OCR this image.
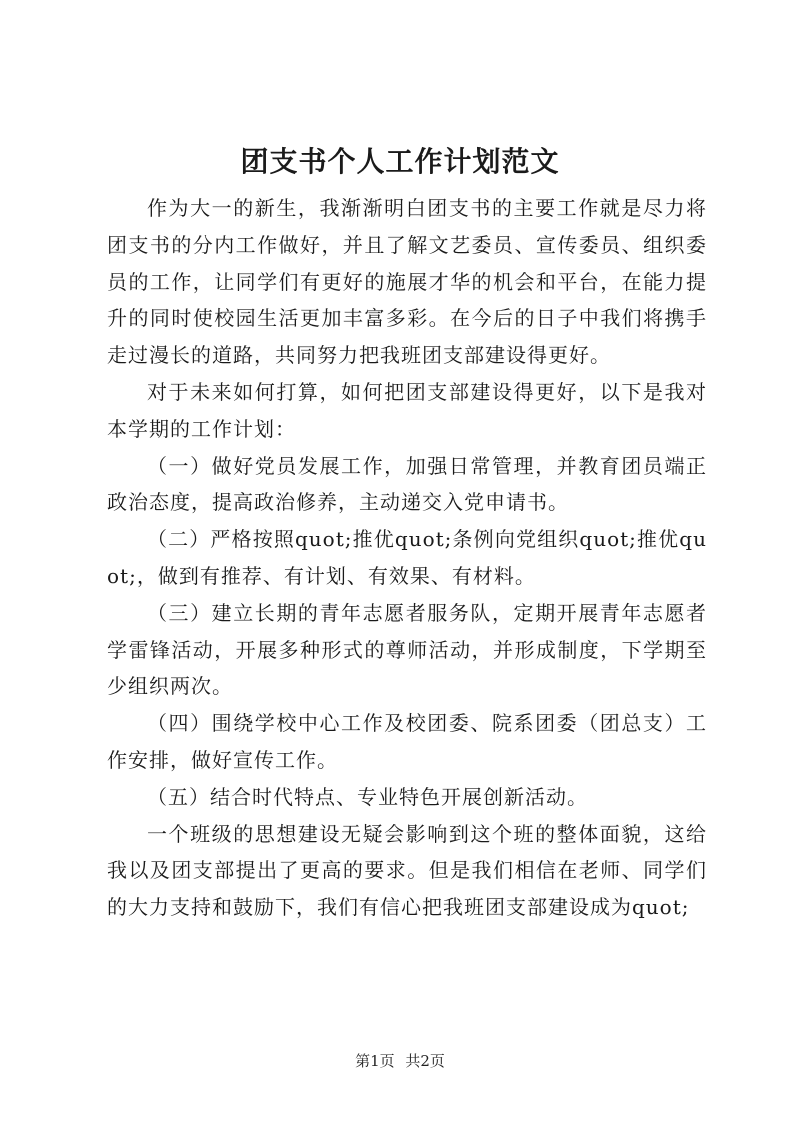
团支书个人工作计划范文

作为大一的新生，我渐渐明白团支书的主要工作就是尽力将团支书的分内工作做好，并且了解文艺委员、宣传委员、组织委员的工作，让同学们有更好的施展才华的机会和平台，在能力提升的同时使校园生活更加丰富多彩。在今后的日子中我们将携手走过漫长的道路，共同努力把我班团支部建设得更好。

对于未来如何打算，如何把团支部建设得更好，以下是我对本学期的工作计划：

（一）做好党员发展工作，加强日常管理，并教育团员端正政治态度，提高政治修养，主动递交入党申请书。

（二）严格按照quot;推优quot;条例向党组织quot;推优quot;，做到有推荐、有计划、有效果、有材料。

（三）建立长期的青年志愿者服务队，定期开展青年志愿者学雷锋活动，开展多种形式的尊师活动，并形成制度，下学期至少组织两次。

（四）围绕学校中心工作及校团委、院系团委（团总支）工作安排，做好宣传工作。

（五）结合时代特点、专业特色开展创新活动。

一个班级的思想建设无疑会影响到这个班的整体面貌，这给我以及团支部提出了更高的要求。但是我们相信在老师、同学们的大力支持和鼓励下，我们有信心把我班团支部建设成为quot;

第1页 共2页
